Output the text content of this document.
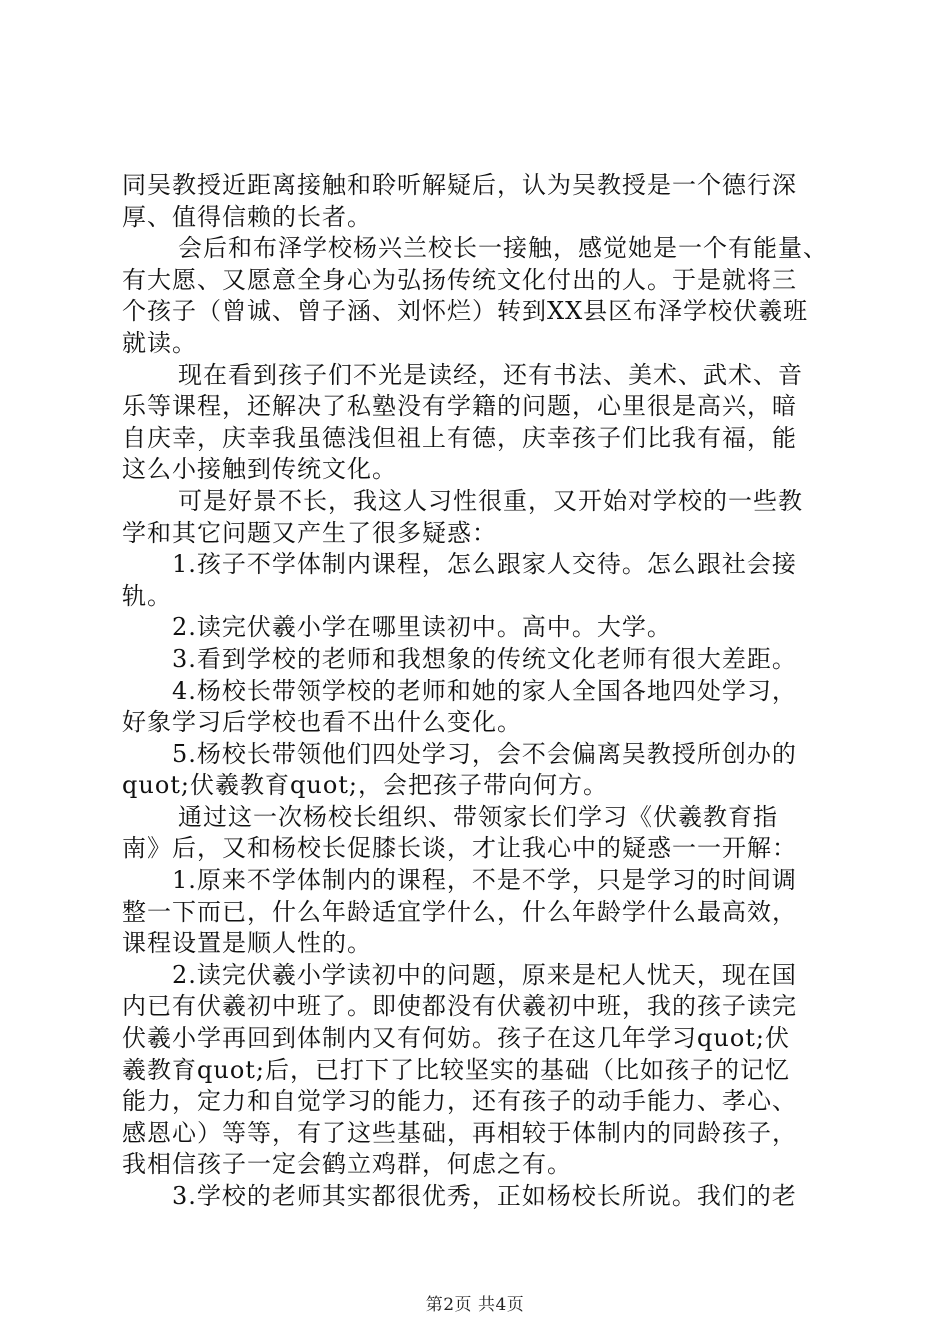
同吴教授近距离接触和聆听解疑后，认为吴教授是一个德行深
厚、值得信赖的长者。
会后和布泽学校杨兴兰校长一接触，感觉她是一个有能量、
有大愿、又愿意全身心为弘扬传统文化付出的人。于是就将三
个孩子（曾诚、曾子涵、刘怀烂）转到XX县区布泽学校伏羲班
就读。
现在看到孩子们不光是读经，还有书法、美术、武术、音
乐等课程，还解决了私塾没有学籍的问题，心里很是高兴，暗
自庆幸，庆幸我虽德浅但祖上有德，庆幸孩子们比我有福，能
这么小接触到传统文化。
可是好景不长，我这人习性很重，又开始对学校的一些教
学和其它问题又产生了很多疑惑：
1.孩子不学体制内课程，怎么跟家人交待。怎么跟社会接
轨。
2.读完伏羲小学在哪里读初中。高中。大学。
3.看到学校的老师和我想象的传统文化老师有很大差距。
4.杨校长带领学校的老师和她的家人全国各地四处学习，
好象学习后学校也看不出什么变化。
5.杨校长带领他们四处学习，会不会偏离吴教授所创办的
quot;伏羲教育quot;，会把孩子带向何方。
通过这一次杨校长组织、带领家长们学习《伏羲教育指
南》后，又和杨校长促膝长谈，才让我心中的疑惑一一开解：
1.原来不学体制内的课程，不是不学，只是学习的时间调
整一下而已，什么年龄适宜学什么，什么年龄学什么最高效，
课程设置是顺人性的。
2.读完伏羲小学读初中的问题，原来是杞人忧天，现在国
内已有伏羲初中班了。即使都没有伏羲初中班，我的孩子读完
伏羲小学再回到体制内又有何妨。孩子在这几年学习quot;伏
羲教育quot;后，已打下了比较坚实的基础（比如孩子的记忆
能力，定力和自觉学习的能力，还有孩子的动手能力、孝心、
感恩心）等等，有了这些基础，再相较于体制内的同龄孩子，
我相信孩子一定会鹤立鸡群，何虑之有。
3.学校的老师其实都很优秀，正如杨校长所说。我们的老
第2页 共4页
